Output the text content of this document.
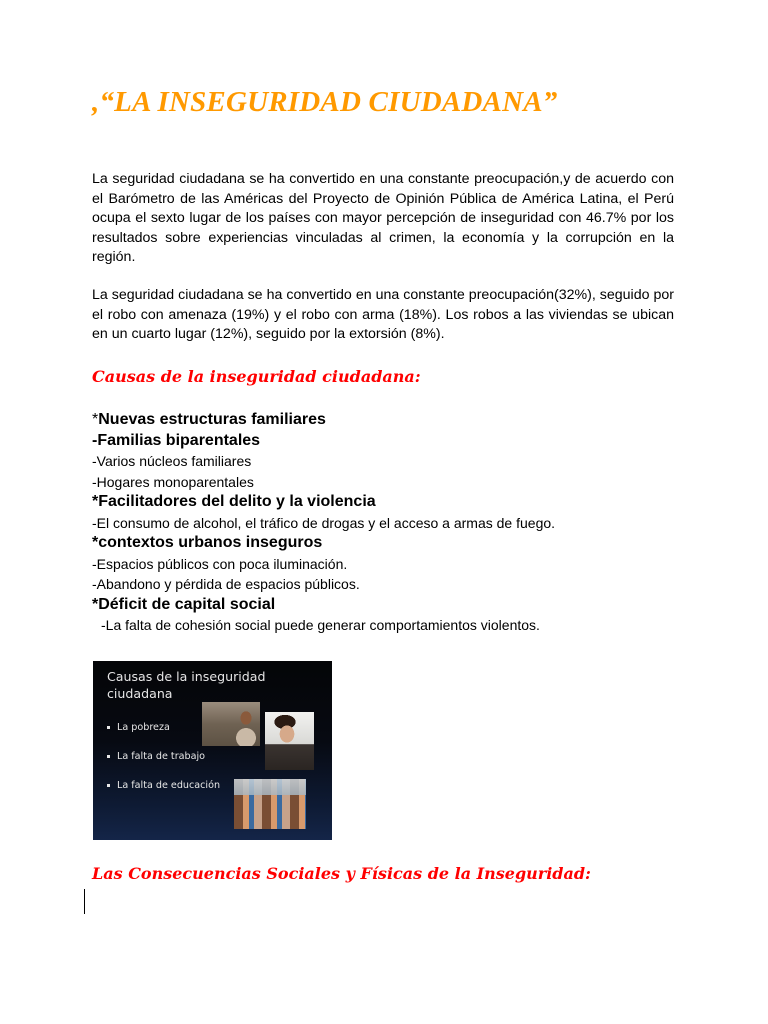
,“LA INSEGURIDAD CIUDADANA”

La seguridad ciudadana se ha convertido en una constante preocupación,y de acuerdo con el Barómetro de las Américas del Proyecto de Opinión Pública de América Latina, el Perú ocupa el sexto lugar de los países con mayor percepción de inseguridad con 46.7% por los resultados sobre experiencias vinculadas al crimen, la economía y la corrupción en la región.

La seguridad ciudadana se ha convertido en una constante preocupación(32%), seguido por el robo con amenaza (19%) y el robo con arma (18%). Los robos a las viviendas se ubican en un cuarto lugar (12%), seguido por la extorsión (8%).

Causas de la inseguridad ciudadana:
*Nuevas estructuras familiares
-Familias biparentales
-Varios núcleos familiares
-Hogares monoparentales
*Facilitadores del delito y la violencia
-El consumo de alcohol, el tráfico de drogas y el acceso a armas de fuego.
*contextos urbanos inseguros
-Espacios públicos con poca iluminación.
-Abandono y pérdida de espacios públicos.
*Déficit de capital social
-La falta de cohesión social puede generar comportamientos violentos.

Causas de la inseguridad ciudadana

La pobreza
La falta de trabajo
La falta de educación
Las Consecuencias Sociales y Físicas de la Inseguridad:
